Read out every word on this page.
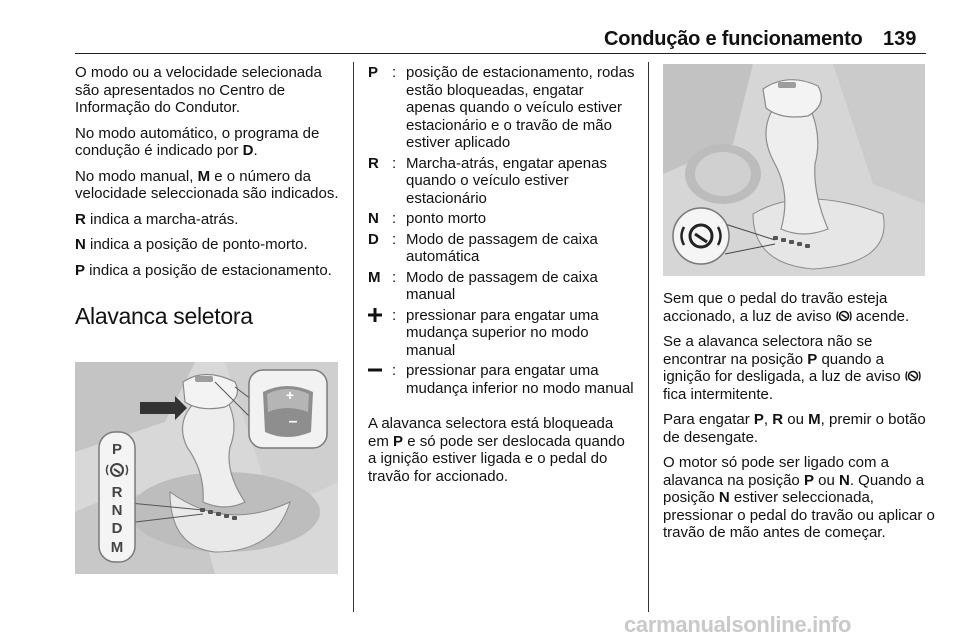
Condução e funcionamento 139

O modo ou a velocidade selecionada são apresentados no Centro de Informação do Condutor.

No modo automático, o programa de condução é indicado por D.

No modo manual, M e o número da velocidade seleccionada são indicados.

R indica a marcha-atrás.

N indica a posição de ponto-morto.

P indica a posição de estacionamento.

Alavanca seletora
+
–
P
R
N
D
M
P : posição de estacionamento, rodas estão bloqueadas, engatar apenas quando o veículo estiver estacionário e o travão de mão estiver aplicado
R : Marcha-atrás, engatar apenas quando o veículo estiver estacionário
N : ponto morto
D : Modo de passagem de caixa automática
M : Modo de passagem de caixa manual
: pressionar para engatar uma mudança superior no modo manual
: pressionar para engatar uma mudança inferior no modo manual

A alavanca selectora está bloqueada em P e só pode ser deslocada quando a ignição estiver ligada e o pedal do travão for accionado.

Sem que o pedal do travão esteja accionado, a luz de aviso  acende.

Se a alavanca selectora não se encontrar na posição P quando a ignição for desligada, a luz de aviso  fica intermitente.

Para engatar P, R ou M, premir o botão de desengate.

O motor só pode ser ligado com a alavanca na posição P ou N. Quando a posição N estiver seleccionada, pressionar o pedal do travão ou aplicar o travão de mão antes de começar.

carmanualsonline.info
